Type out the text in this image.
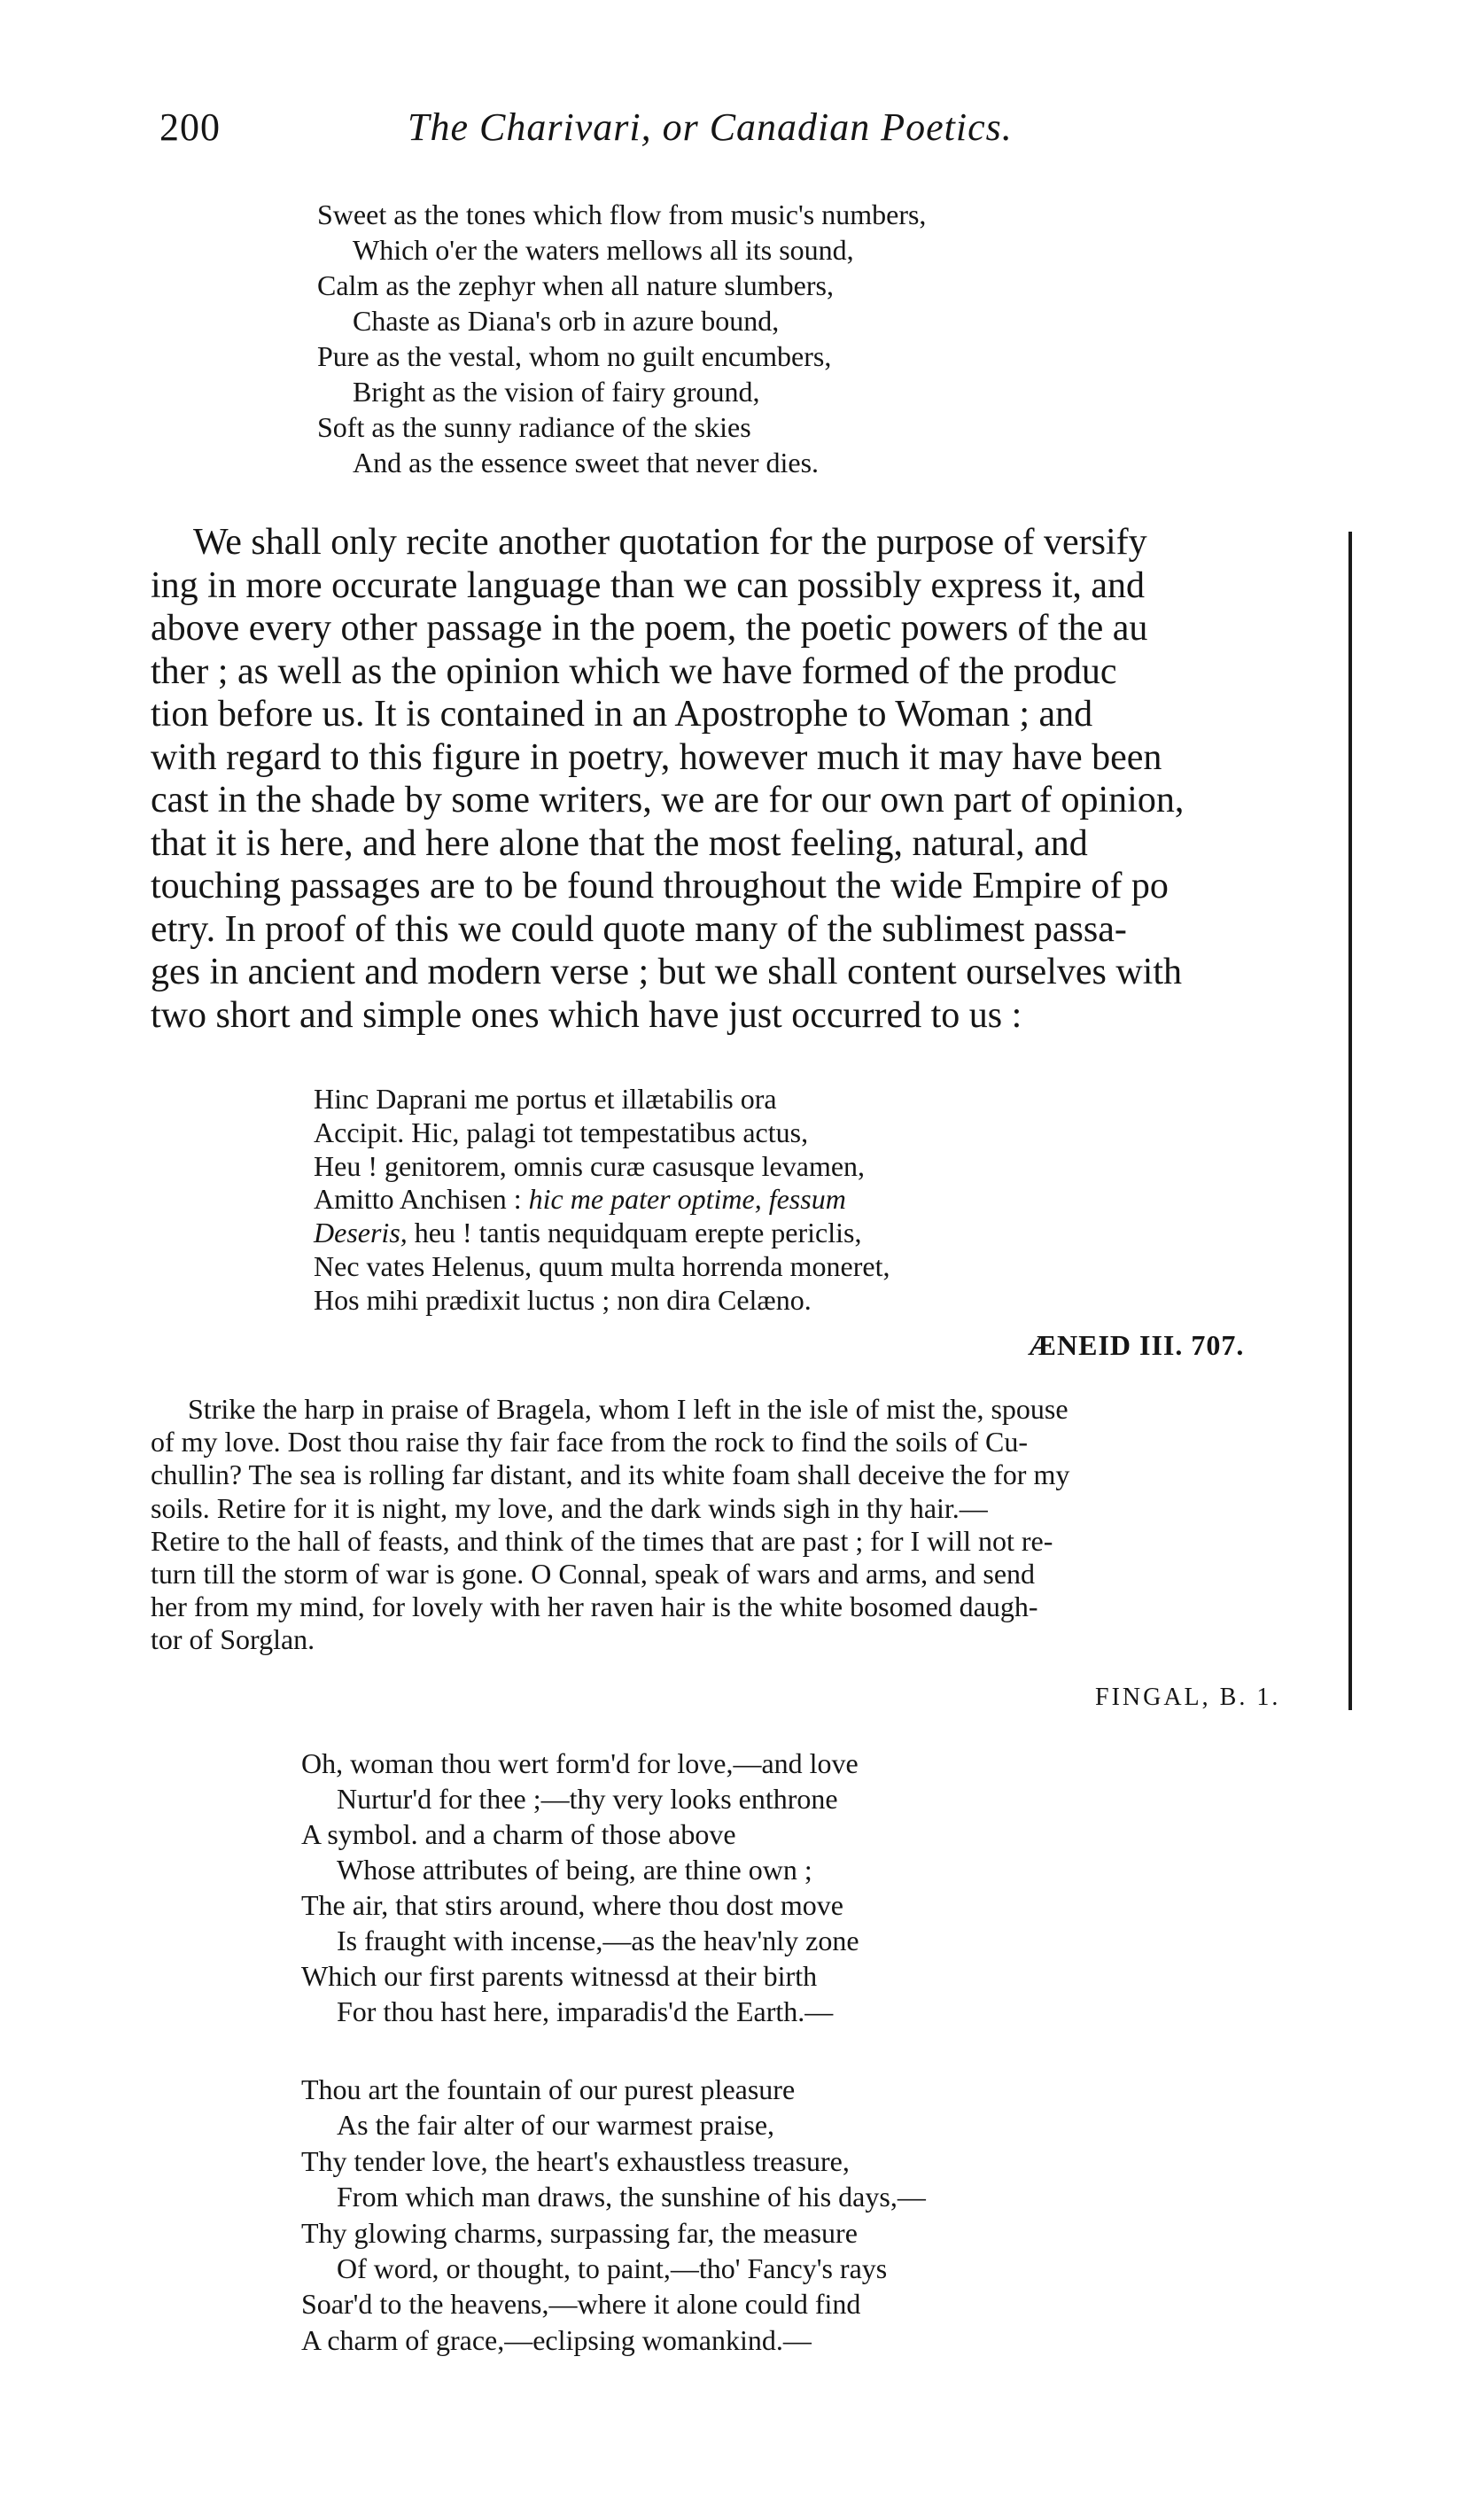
200	The Charivari, or Canadian Poetics.
Sweet as the tones which flow from music's numbers,
Which o'er the waters mellows all its sound,
Calm as the zephyr when all nature slumbers,
Chaste as Diana's orb in azure bound,
Pure as the vestal, whom no guilt encumbers,
Bright as the vision of fairy ground,
Soft as the sunny radiance of the skies
And as the essence sweet that never dies.
We shall only recite another quotation for the purpose of versify
ing in more occurate language than we can possibly express it, and
above every other passage in the poem, the poetic powers of the au
ther ; as well as the opinion which we have formed of the produc
tion before us. It is contained in an Apostrophe to Woman ; and
with regard to this figure in poetry, however much it may have been
cast in the shade by some writers, we are for our own part of opinion,
that it is here, and here alone that the most feeling, natural, and
touching passages are to be found throughout the wide Empire of po
etry. In proof of this we could quote many of the sublimest passa-
ges in ancient and modern verse ; but we shall content ourselves with
two short and simple ones which have just occurred to us :
Hinc Daprani me portus et illætabilis ora
Accipit. Hic, palagi tot tempestatibus actus,
Heu ! genitorem, omnis curæ casusque levamen,
Amitto Anchisen : hic me pater optime, fessum
Deseris, heu ! tantis nequidquam erepte periclis,
Nec vates Helenus, quum multa horrenda moneret,
Hos mihi prædixit luctus ; non dira Celæno.
ÆNEID III. 707.
Strike the harp in praise of Bragela, whom I left in the isle of mist the, spouse
of my love. Dost thou raise thy fair face from the rock to find the soils of Cu-
chullin? The sea is rolling far distant, and its white foam shall deceive the for my
soils. Retire for it is night, my love, and the dark winds sigh in thy hair.—
Retire to the hall of feasts, and think of the times that are past ; for I will not re-
turn till the storm of war is gone. O Connal, speak of wars and arms, and send
her from my mind, for lovely with her raven hair is the white bosomed daugh-
tor of Sorglan.
FINGAL, B. 1.
Oh, woman thou wert form'd for love,—and love
Nurtur'd for thee ;—thy very looks enthrone
A symbol. and a charm of those above
Whose attributes of being, are thine own ;
The air, that stirs around, where thou dost move
Is fraught with incense,—as the heav'nly zone
Which our first parents witnessd at their birth
For thou hast here, imparadis'd the Earth.—
Thou art the fountain of our purest pleasure
As the fair alter of our warmest praise,
Thy tender love, the heart's exhaustless treasure,
From which man draws, the sunshine of his days,—
Thy glowing charms, surpassing far, the measure
Of word, or thought, to paint,—tho' Fancy's rays
Soar'd to the heavens,—where it alone could find
A charm of grace,—eclipsing womankind.—
